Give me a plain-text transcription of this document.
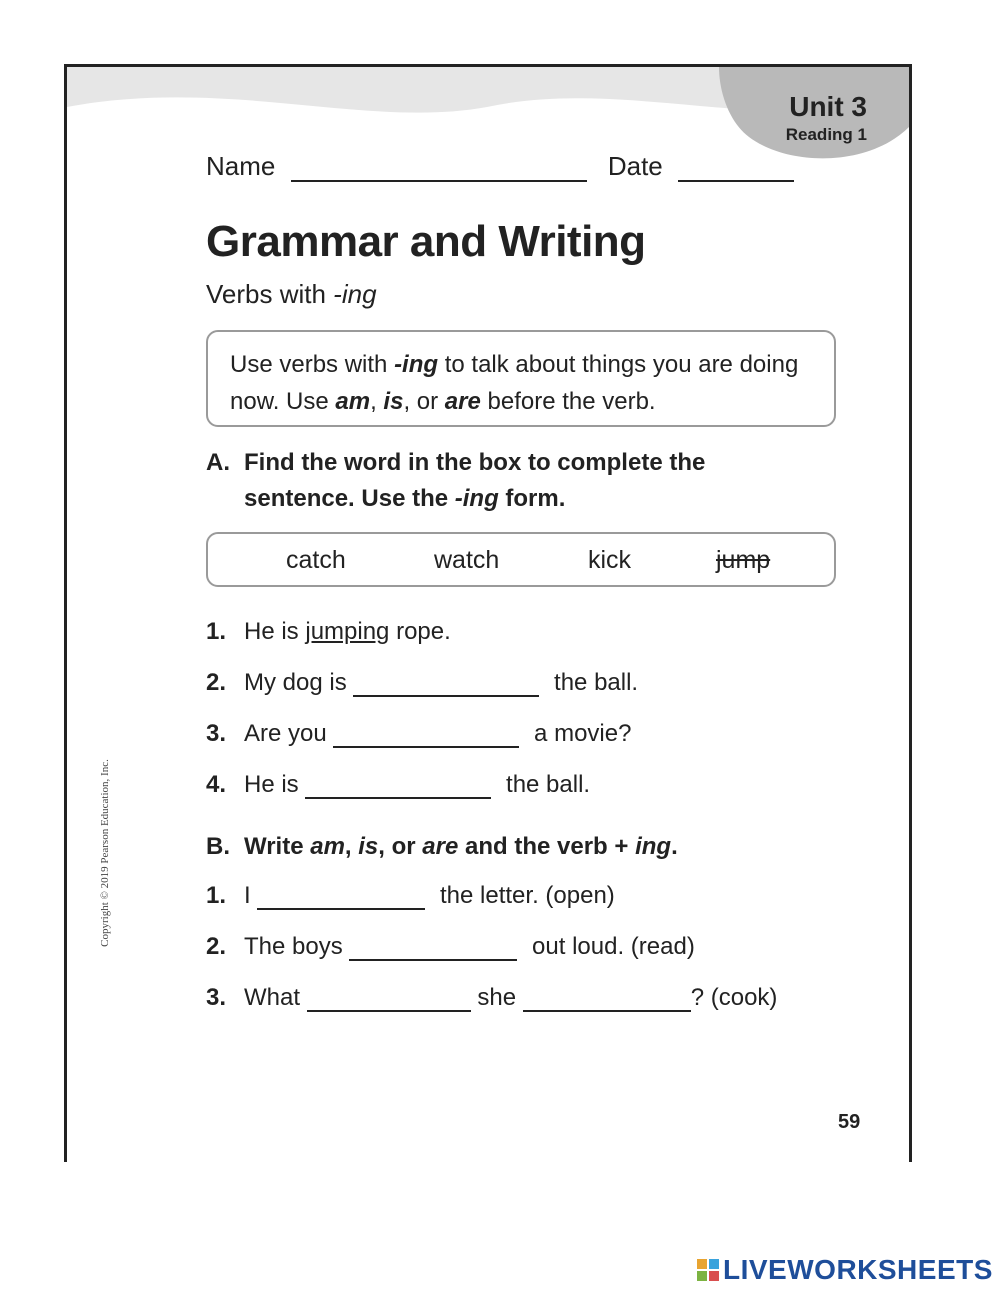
Unit 3
Reading 1
Name	Date
Grammar and Writing
Verbs with -ing
Use verbs with -ing to talk about things you are doing now. Use am, is, or are before the verb.
A. Find the word in the box to complete the
sentence. Use the -ing form.
catch	watch	kick	jump
1. He is jumping rope.
2. My dog is	the ball.
3. Are you	a movie?
4. He is	the ball.
B. Write am, is, or are and the verb + ing.
1. I	the letter. (open)
2. The boys	out loud. (read)
3. What	she	? (cook)
Copyright © 2019 Pearson Education, Inc.
59
LIVEWORKSHEETS
